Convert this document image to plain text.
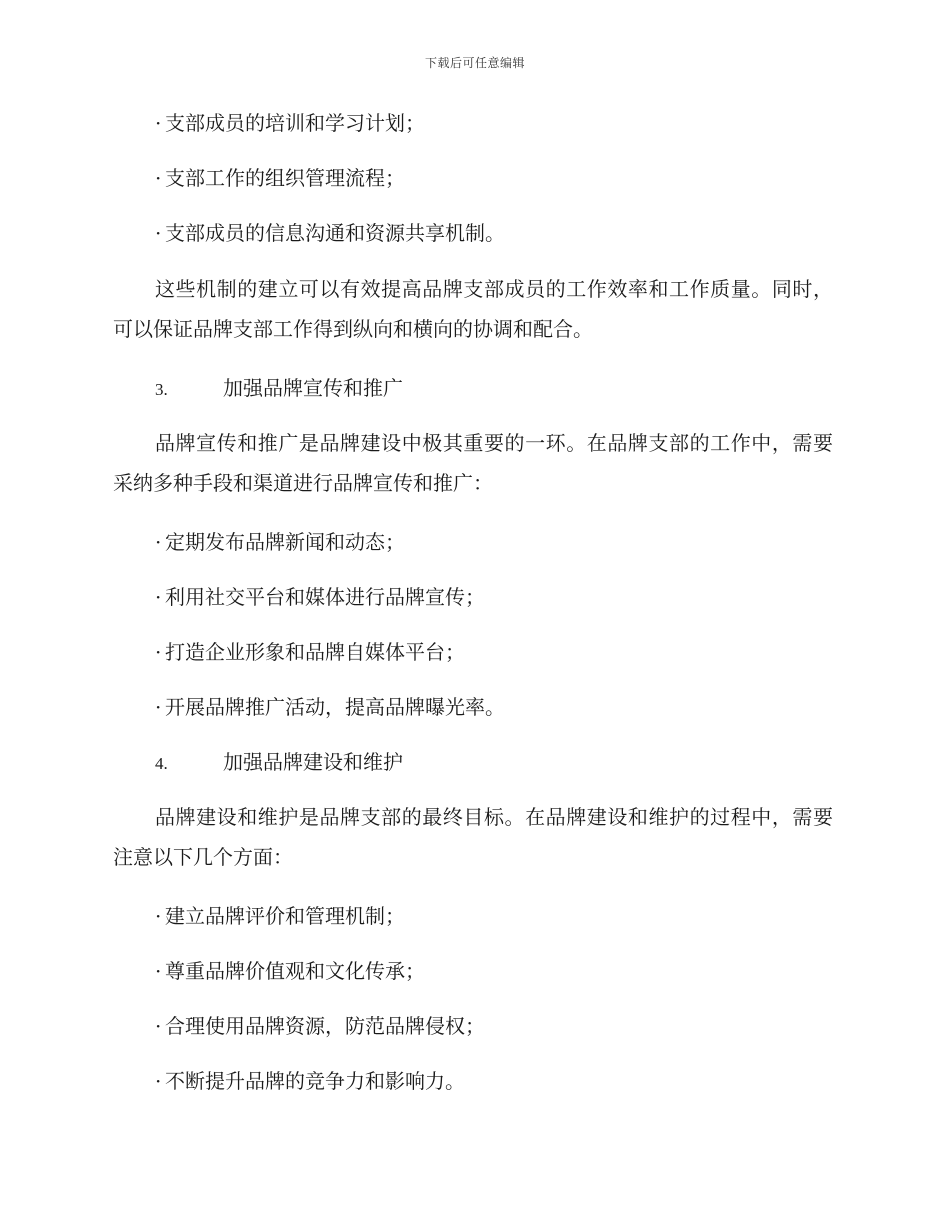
下载后可任意编辑
· 支部成员的培训和学习计划；
· 支部工作的组织管理流程；
· 支部成员的信息沟通和资源共享机制。

这些机制的建立可以有效提高品牌支部成员的工作效率和工作质量。同时，可以保证品牌支部工作得到纵向和横向的协调和配合。

3.	加强品牌宣传和推广

品牌宣传和推广是品牌建设中极其重要的一环。在品牌支部的工作中，需要采纳多种手段和渠道进行品牌宣传和推广：

· 定期发布品牌新闻和动态；
· 利用社交平台和媒体进行品牌宣传；
· 打造企业形象和品牌自媒体平台；
· 开展品牌推广活动，提高品牌曝光率。
4.	加强品牌建设和维护

品牌建设和维护是品牌支部的最终目标。在品牌建设和维护的过程中，需要注意以下几个方面：

· 建立品牌评价和管理机制；
· 尊重品牌价值观和文化传承；
· 合理使用品牌资源，防范品牌侵权；
· 不断提升品牌的竞争力和影响力。
